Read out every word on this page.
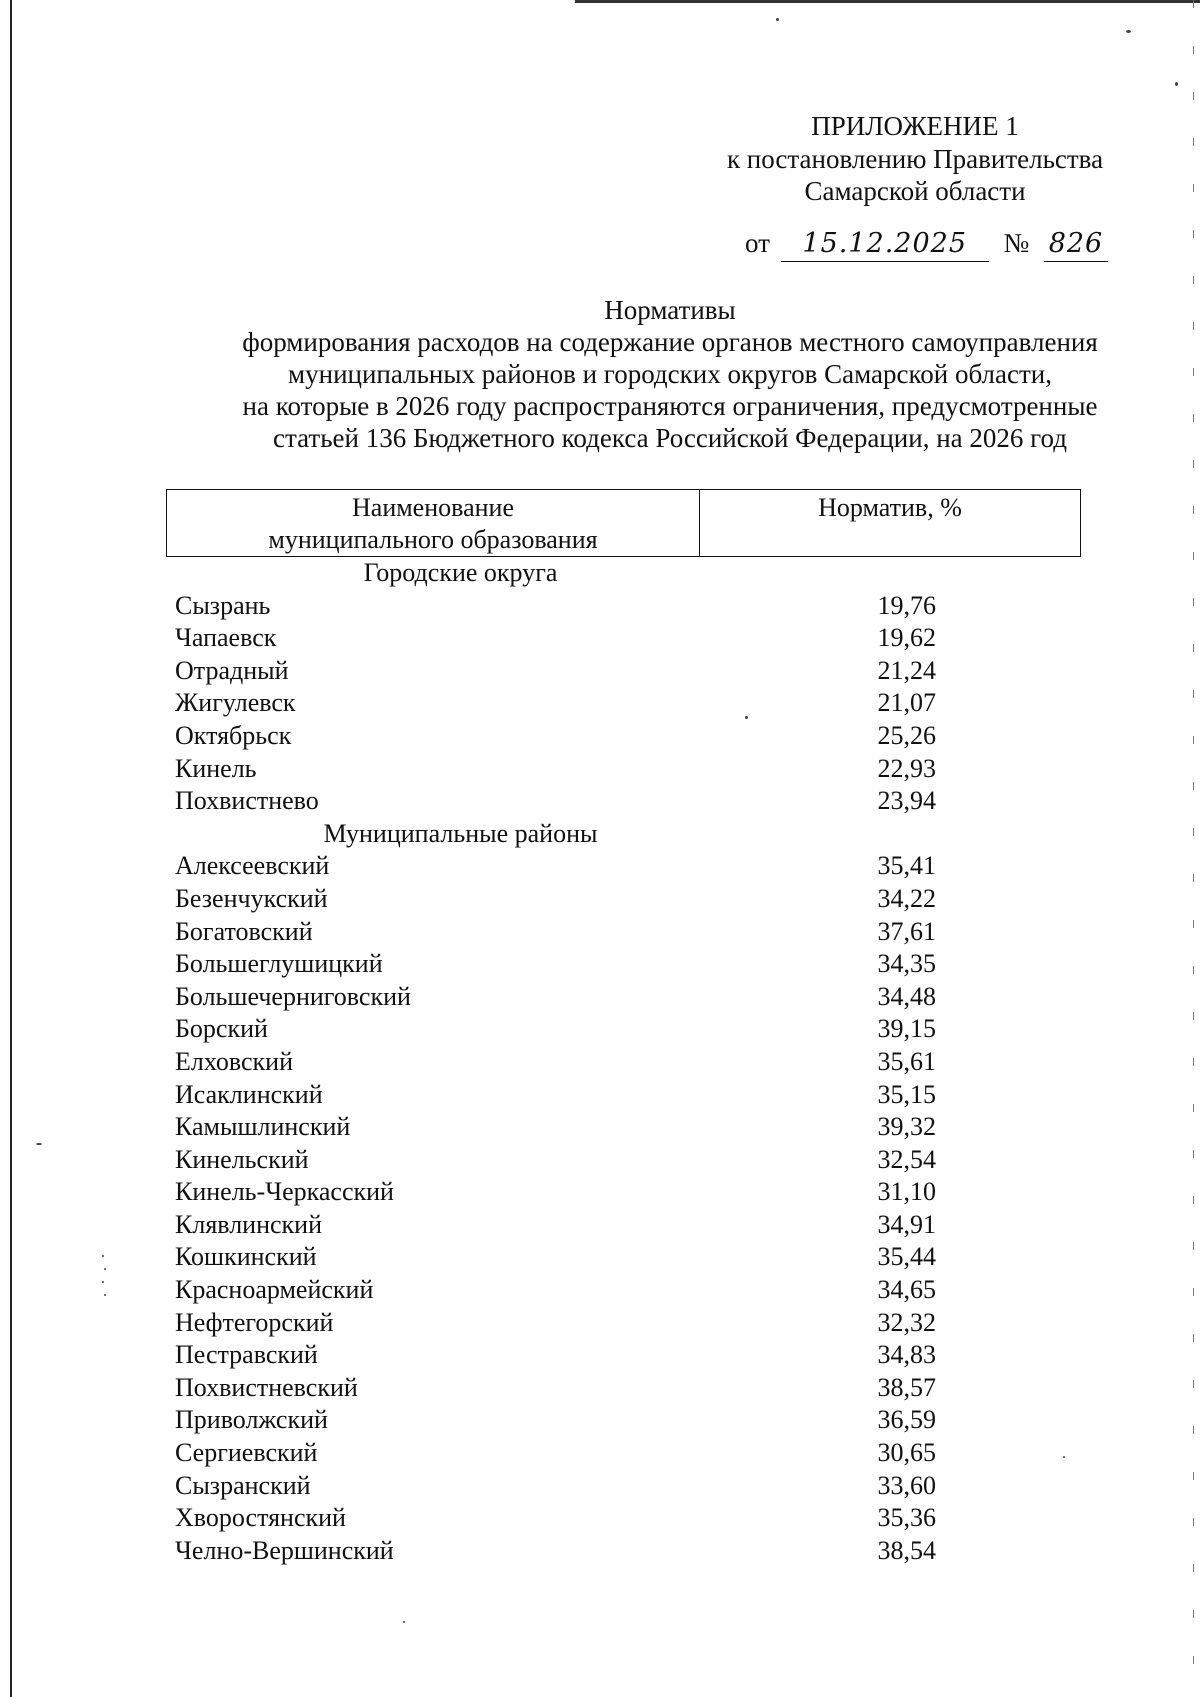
ПРИЛОЖЕНИЕ 1
к постановлению Правительства
Самарской области
от 15.12.2025 № 826
Нормативы
формирования расходов на содержание органов местного самоуправления
муниципальных районов и городских округов Самарской области,
на которые в 2026 году распространяются ограничения, предусмотренные
статьей 136 Бюджетного кодекса Российской Федерации, на 2026 год
Наименование
муниципального образования
Норматив, %
Городские округа
Сызрань	19,76
Чапаевск	19,62
Отрадный	21,24
Жигулевск	21,07
Октябрьск	25,26
Кинель	22,93
Похвистнево	23,94
Муниципальные районы
Алексеевский	35,41
Безенчукский	34,22
Богатовский	37,61
Большеглушицкий	34,35
Большечерниговский	34,48
Борский	39,15
Елховский	35,61
Исаклинский	35,15
Камышлинский	39,32
Кинельский	32,54
Кинель-Черкасский	31,10
Клявлинский	34,91
Кошкинский	35,44
Красноармейский	34,65
Нефтегорский	32,32
Пестравский	34,83
Похвистневский	38,57
Приволжский	36,59
Сергиевский	30,65
Сызранский	33,60
Хворостянский	35,36
Челно-Вершинский	38,54
